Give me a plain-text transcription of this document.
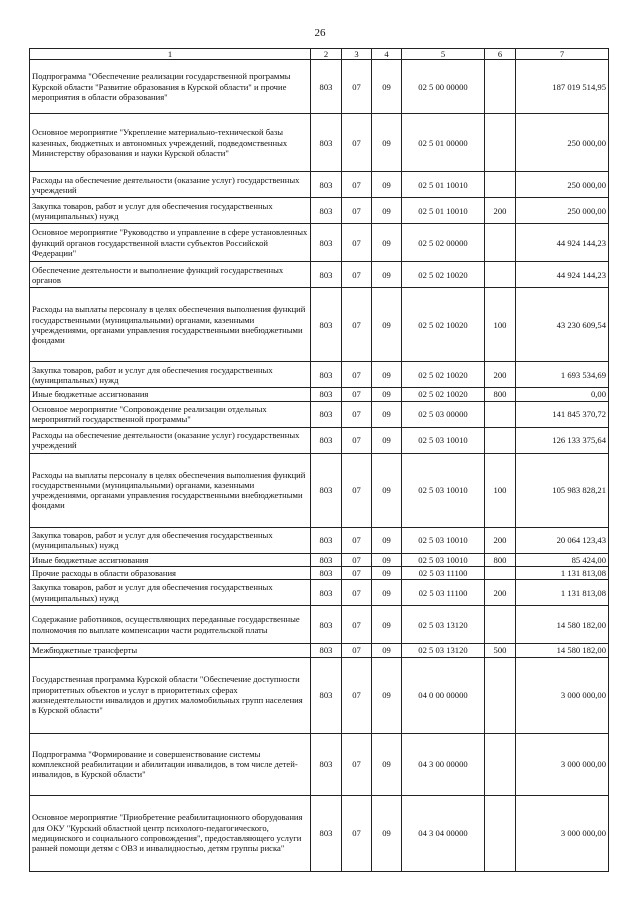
26
1	2	3	4	5	6	7
Подпрограмма "Обеспечение реализации государственной программы Курской области "Развитие образования в Курской области" и прочие мероприятия в области образования"	803	07	09	02 5 00 00000		187 019 514,95
Основное мероприятие "Укрепление материально-технической базы казенных, бюджетных и автономных учреждений, подведомственных Министерству образования и науки Курской области"	803	07	09	02 5 01 00000		250 000,00
Расходы на обеспечение деятельности (оказание услуг) государственных учреждений	803	07	09	02 5 01 10010		250 000,00
Закупка товаров, работ и услуг для обеспечения государственных (муниципальных) нужд	803	07	09	02 5 01 10010	200	250 000,00
Основное мероприятие "Руководство и управление в сфере установленных функций органов государственной власти субъектов Российской Федерации"	803	07	09	02 5 02 00000		44 924 144,23
Обеспечение деятельности и выполнение функций государственных органов	803	07	09	02 5 02 10020		44 924 144,23
Расходы на выплаты персоналу в целях обеспечения выполнения функций государственными (муниципальными) органами, казенными учреждениями, органами управления государственными внебюджетными фондами	803	07	09	02 5 02 10020	100	43 230 609,54
Закупка товаров, работ и услуг для обеспечения государственных (муниципальных) нужд	803	07	09	02 5 02 10020	200	1 693 534,69
Иные бюджетные ассигнования	803	07	09	02 5 02 10020	800	0,00
Основное мероприятие "Сопровождение реализации отдельных мероприятий государственной программы"	803	07	09	02 5 03 00000		141 845 370,72
Расходы на обеспечение деятельности (оказание услуг) государственных учреждений	803	07	09	02 5 03 10010		126 133 375,64
Расходы на выплаты персоналу в целях обеспечения выполнения функций государственными (муниципальными) органами, казенными учреждениями, органами управления государственными внебюджетными фондами	803	07	09	02 5 03 10010	100	105 983 828,21
Закупка товаров, работ и услуг для обеспечения государственных (муниципальных) нужд	803	07	09	02 5 03 10010	200	20 064 123,43
Иные бюджетные ассигнования	803	07	09	02 5 03 10010	800	85 424,00
Прочие расходы в области образования	803	07	09	02 5 03 11100		1 131 813,08
Закупка товаров, работ и услуг для обеспечения государственных (муниципальных) нужд	803	07	09	02 5 03 11100	200	1 131 813,08
Содержание работников, осуществляющих переданные государственные полномочия по выплате компенсации части родительской платы	803	07	09	02 5 03 13120		14 580 182,00
Межбюджетные трансферты	803	07	09	02 5 03 13120	500	14 580 182,00
Государственная программа Курской области "Обеспечение доступности приоритетных объектов и услуг в приоритетных сферах жизнедеятельности инвалидов и других маломобильных групп населения в Курской области"	803	07	09	04 0 00 00000		3 000 000,00
Подпрограмма "Формирование и совершенствование системы комплексной реабилитации и абилитации инвалидов, в том числе детей-инвалидов, в Курской области"	803	07	09	04 3 00 00000		3 000 000,00
Основное мероприятие "Приобретение реабилитационного оборудования для ОКУ "Курский областной центр психолого-педагогического, медицинского и социального сопровождения", предоставляющего услуги ранней помощи детям с ОВЗ и инвалидностью, детям группы риска"	803	07	09	04 3 04 00000		3 000 000,00
